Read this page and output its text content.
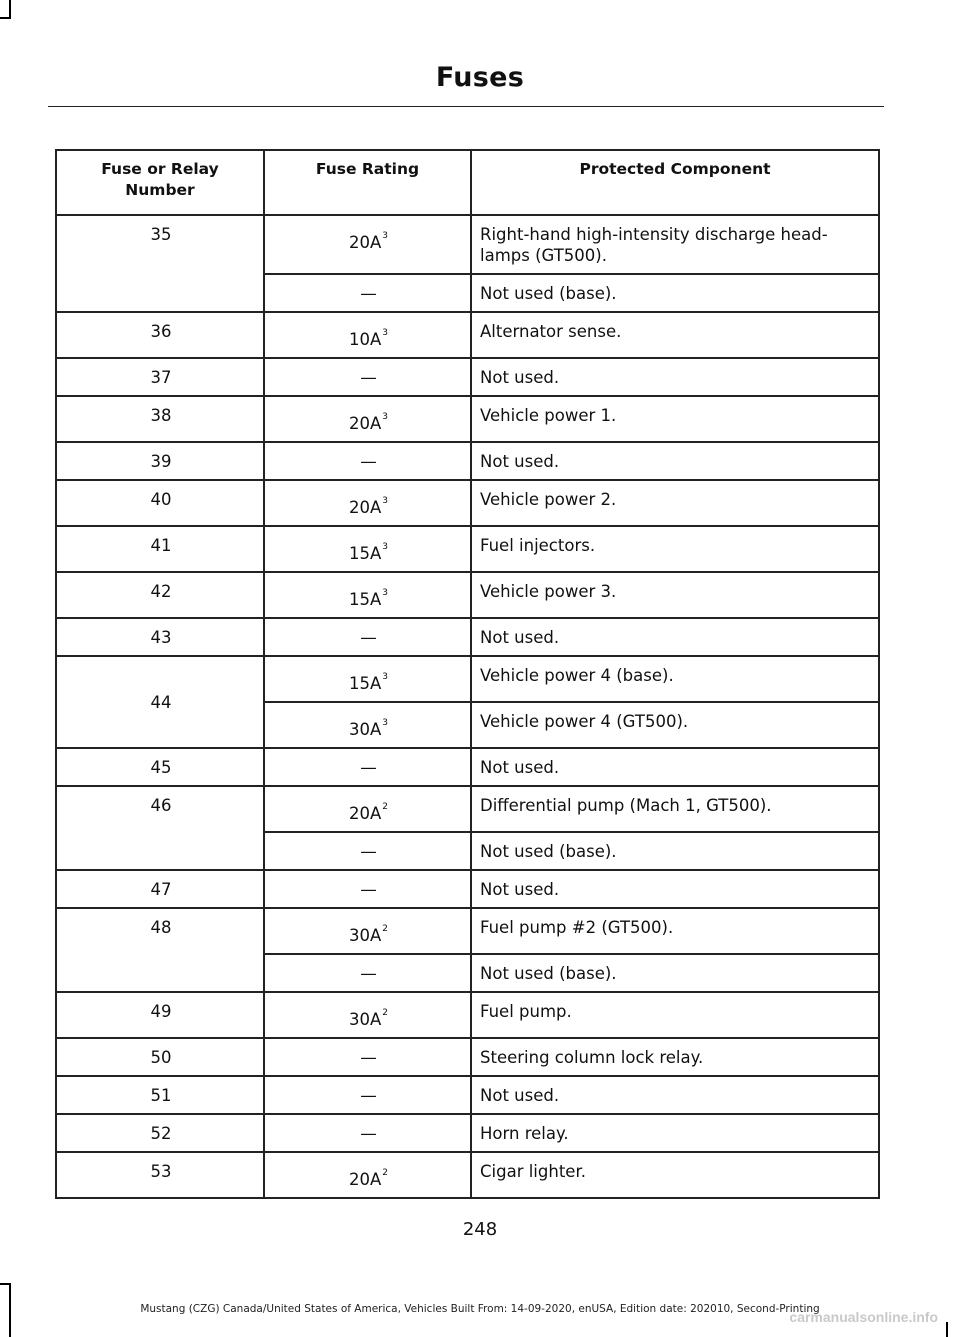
Fuses
Fuse or Relay Number	Fuse Rating	Protected Component
35	$20A^3$	Right-hand high-intensity discharge head-lamps (GT500).
	—	Not used (base).
36	$10A^3$	Alternator sense.
37	—	Not used.
38	$20A^3$	Vehicle power 1.
39	—	Not used.
40	$20A^3$	Vehicle power 2.
41	$15A^3$	Fuel injectors.
42	$15A^3$	Vehicle power 3.
43	—	Not used.
44	$15A^3$	Vehicle power 4 (base).
	$30A^3$	Vehicle power 4 (GT500).
45	—	Not used.
46	$20A^2$	Differential pump (Mach 1, GT500).
	—	Not used (base).
47	—	Not used.
48	$30A^2$	Fuel pump #2 (GT500).
	—	Not used (base).
49	$30A^2$	Fuel pump.
50	—	Steering column lock relay.
51	—	Not used.
52	—	Horn relay.
53	$20A^2$	Cigar lighter.
248
Mustang (CZG) Canada/United States of America, Vehicles Built From: 14-09-2020, enUSA, Edition date: 202010, Second-Printing
carmanualsonline.info
